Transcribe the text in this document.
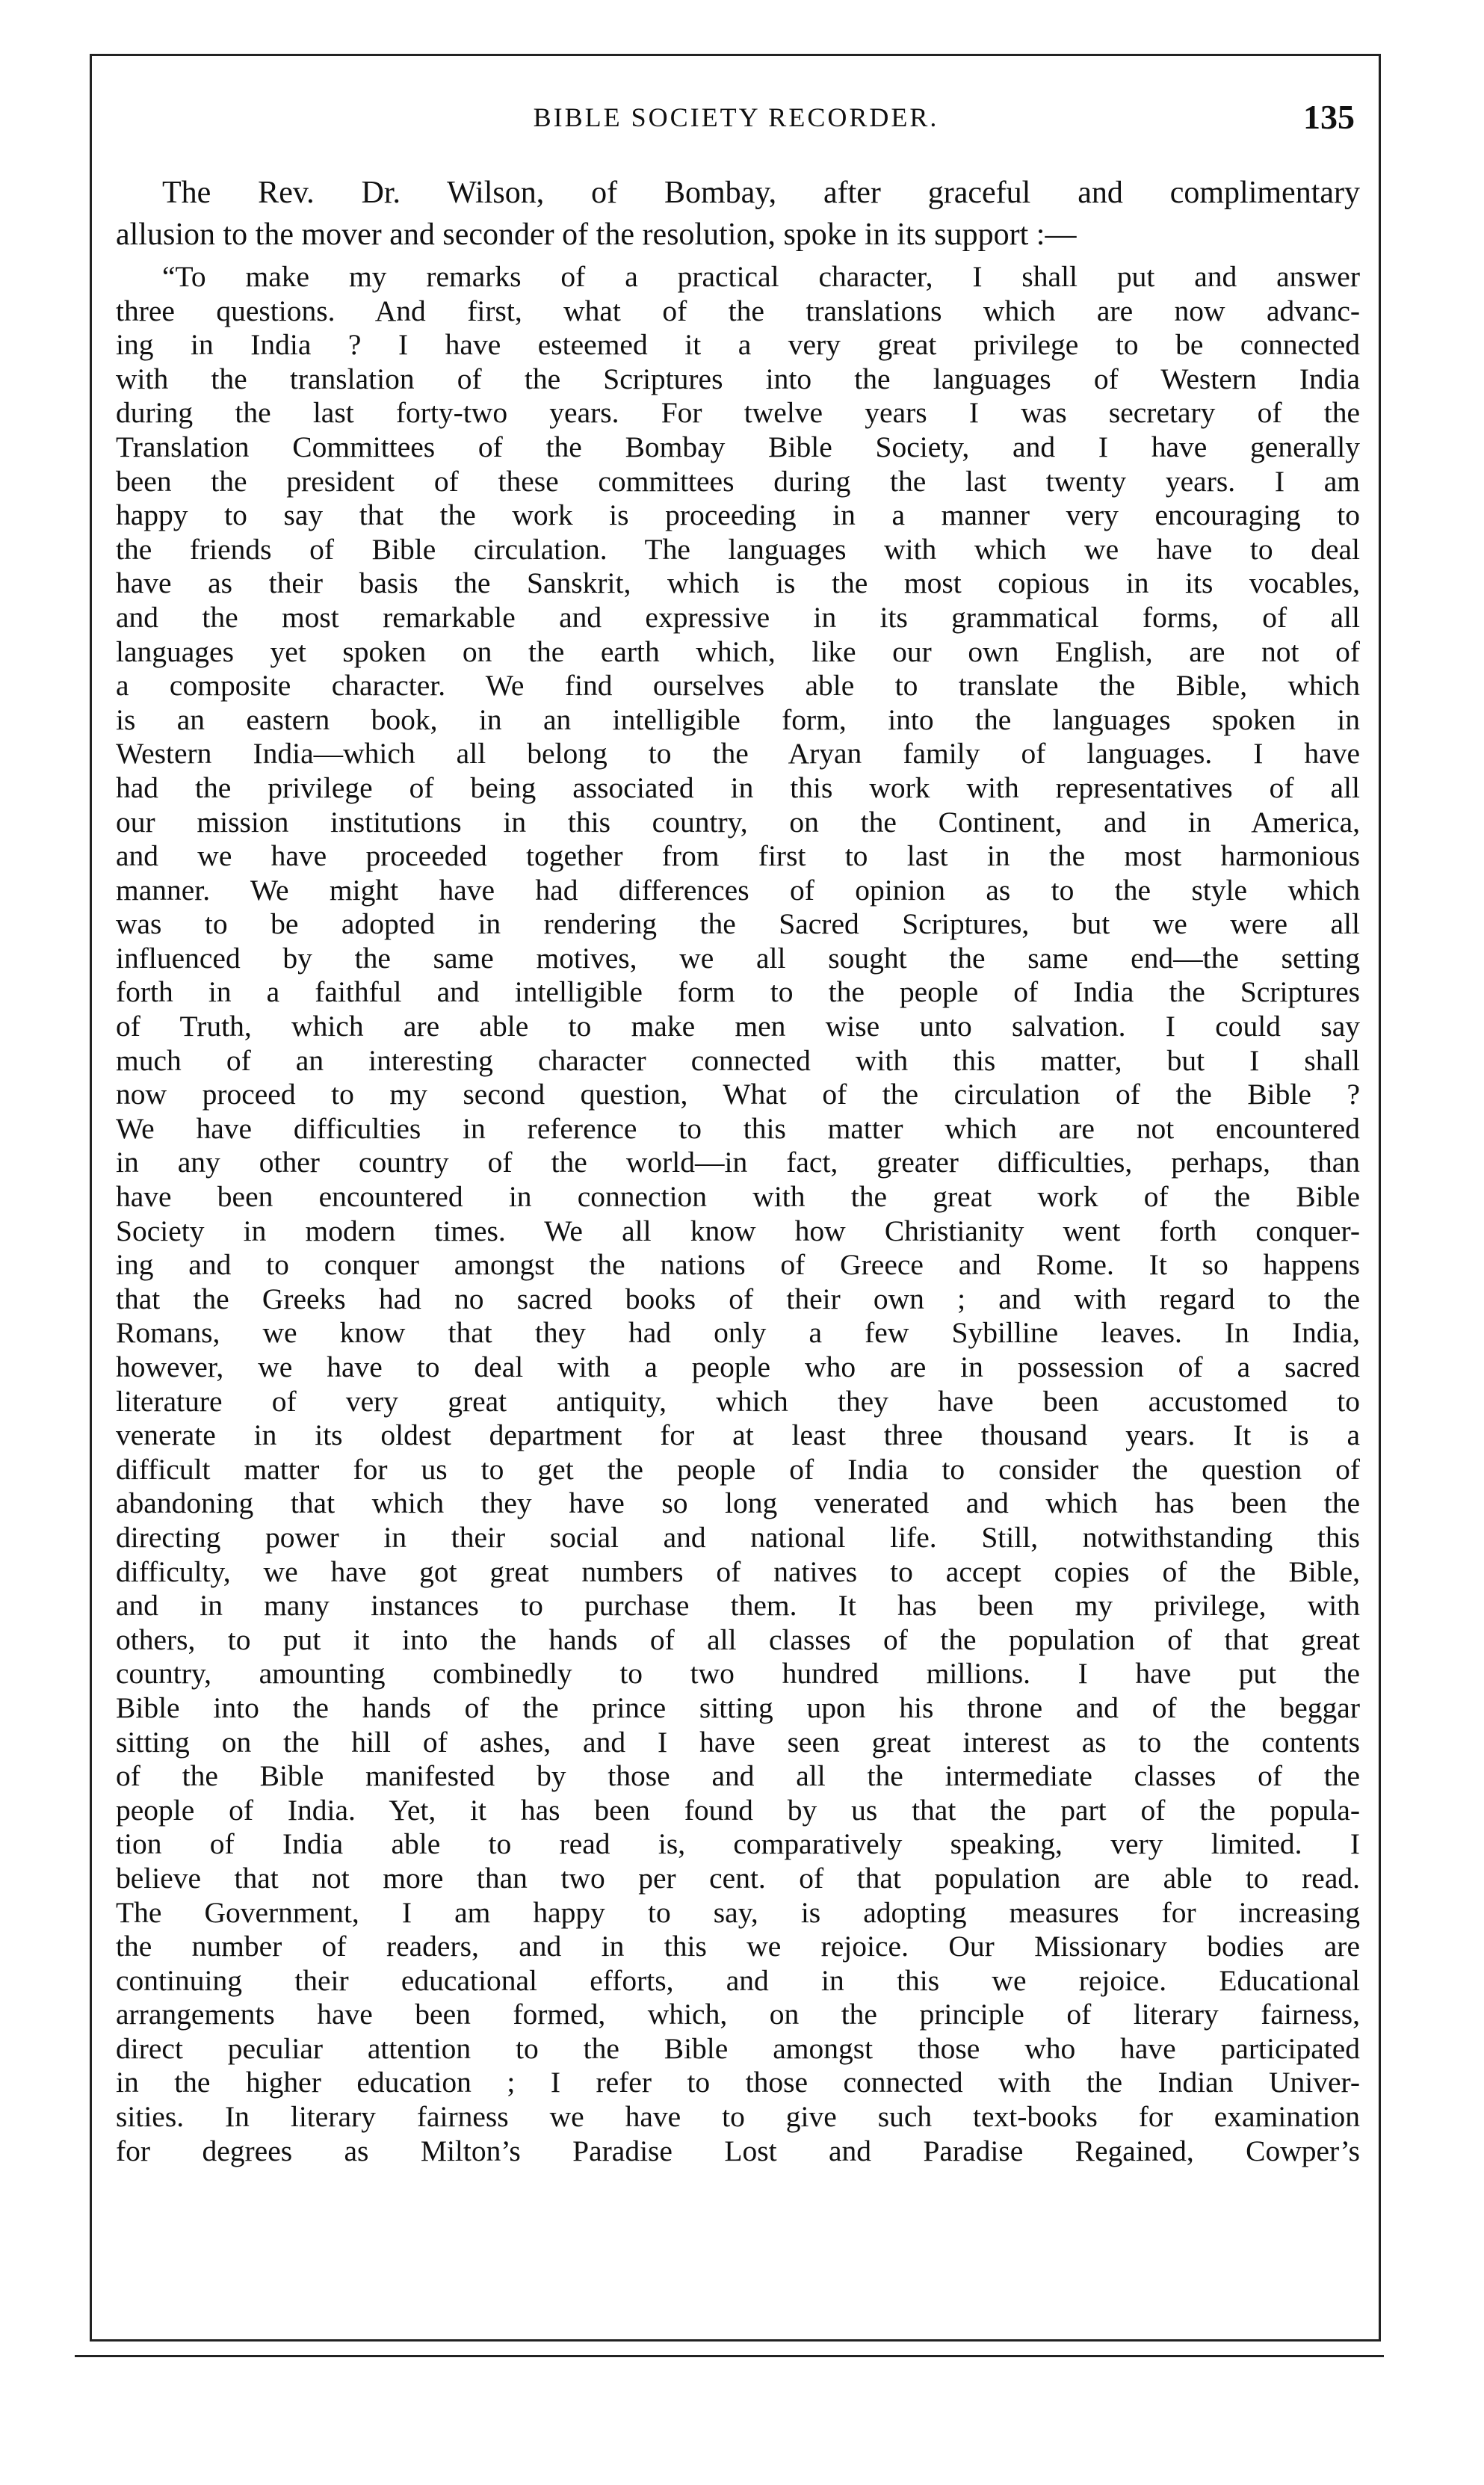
BIBLE SOCIETY RECORDER.	135
The Rev. Dr. Wilson, of Bombay, after graceful and complimentary
allusion to the mover and seconder of the resolution, spoke in its support :—
“To make my remarks of a practical character, I shall put and answer
three questions. And first, what of the translations which are now advanc-
ing in India ? I have esteemed it a very great privilege to be connected
with the translation of the Scriptures into the languages of Western India
during the last forty-two years. For twelve years I was secretary of the
Translation Committees of the Bombay Bible Society, and I have generally
been the president of these committees during the last twenty years. I am
happy to say that the work is proceeding in a manner very encouraging to
the friends of Bible circulation. The languages with which we have to deal
have as their basis the Sanskrit, which is the most copious in its vocables,
and the most remarkable and expressive in its grammatical forms, of all
languages yet spoken on the earth which, like our own English, are not of
a composite character. We find ourselves able to translate the Bible, which
is an eastern book, in an intelligible form, into the languages spoken in
Western India—which all belong to the Aryan family of languages. I have
had the privilege of being associated in this work with representatives of all
our mission institutions in this country, on the Continent, and in America,
and we have proceeded together from first to last in the most harmonious
manner. We might have had differences of opinion as to the style which
was to be adopted in rendering the Sacred Scriptures, but we were all
influenced by the same motives, we all sought the same end—the setting
forth in a faithful and intelligible form to the people of India the Scriptures
of Truth, which are able to make men wise unto salvation. I could say
much of an interesting character connected with this matter, but I shall
now proceed to my second question, What of the circulation of the Bible ?
We have difficulties in reference to this matter which are not encountered
in any other country of the world—in fact, greater difficulties, perhaps, than
have been encountered in connection with the great work of the Bible
Society in modern times. We all know how Christianity went forth conquer-
ing and to conquer amongst the nations of Greece and Rome. It so happens
that the Greeks had no sacred books of their own ; and with regard to the
Romans, we know that they had only a few Sybilline leaves. In India,
however, we have to deal with a people who are in possession of a sacred
literature of very great antiquity, which they have been accustomed to
venerate in its oldest department for at least three thousand years. It is a
difficult matter for us to get the people of India to consider the question of
abandoning that which they have so long venerated and which has been the
directing power in their social and national life. Still, notwithstanding this
difficulty, we have got great numbers of natives to accept copies of the Bible,
and in many instances to purchase them. It has been my privilege, with
others, to put it into the hands of all classes of the population of that great
country, amounting combinedly to two hundred millions. I have put the
Bible into the hands of the prince sitting upon his throne and of the beggar
sitting on the hill of ashes, and I have seen great interest as to the contents
of the Bible manifested by those and all the intermediate classes of the
people of India. Yet, it has been found by us that the part of the popula-
tion of India able to read is, comparatively speaking, very limited. I
believe that not more than two per cent. of that population are able to read.
The Government, I am happy to say, is adopting measures for increasing
the number of readers, and in this we rejoice. Our Missionary bodies are
continuing their educational efforts, and in this we rejoice. Educational
arrangements have been formed, which, on the principle of literary fairness,
direct peculiar attention to the Bible amongst those who have participated
in the higher education ; I refer to those connected with the Indian Univer-
sities. In literary fairness we have to give such text-books for examination
for degrees as Milton’s Paradise Lost and Paradise Regained, Cowper’s
